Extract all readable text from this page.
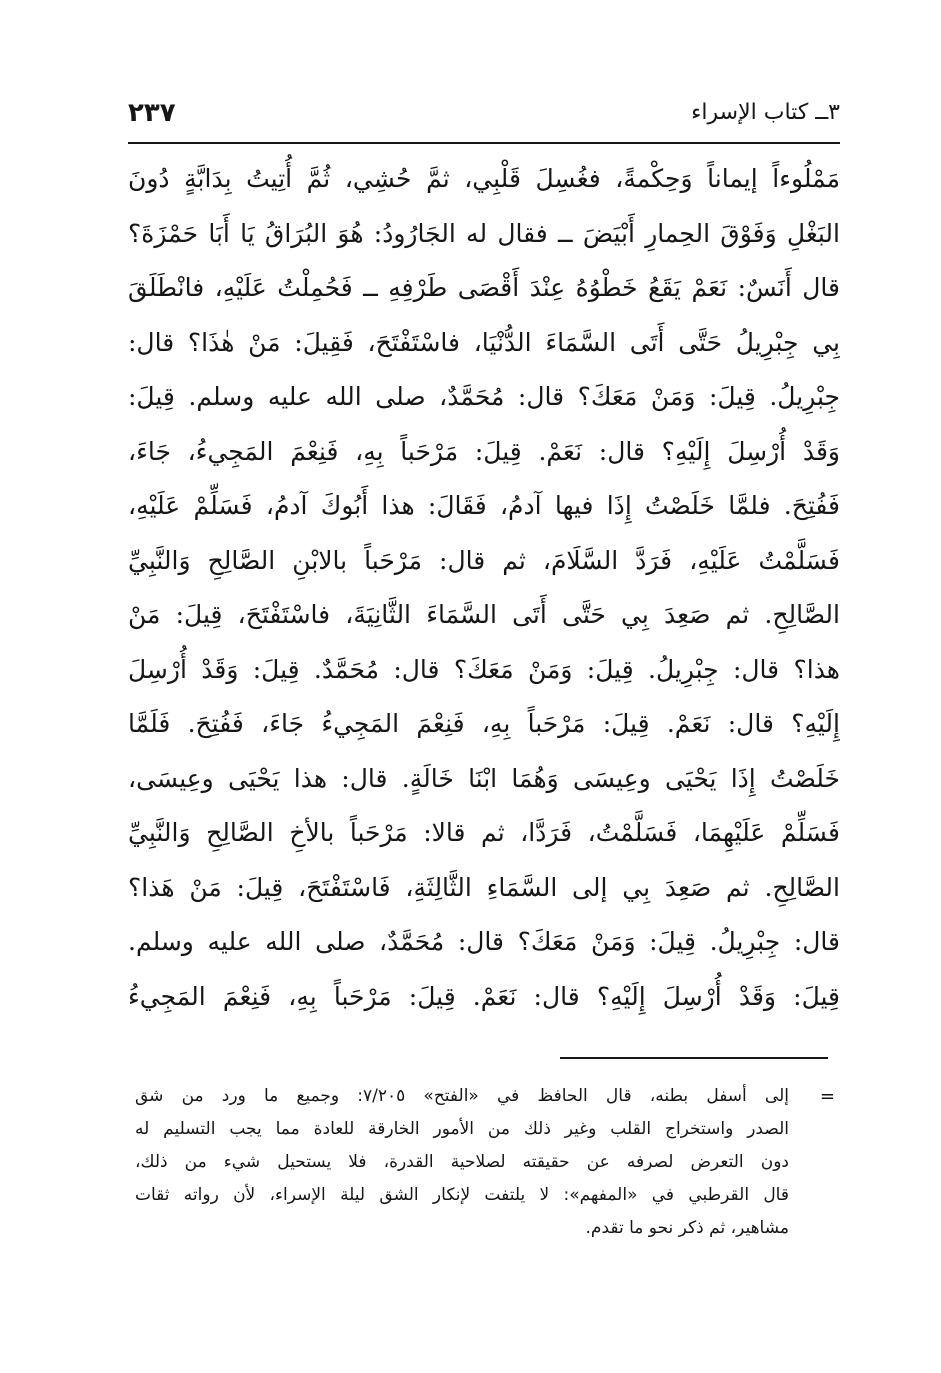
٣ــ كتاب الإسراء
٢٣٧
مَمْلُوءاً إيماناً وَحِكْمةً، فغُسِلَ قَلْبِي، ثمَّ حُشِي، ثُمَّ أُتِيتُ بِدَابَّةٍ دُونَ
البَغْلِ وَفَوْقَ الحِمارِ أَبْيَضَ ــ فقال له الجَارُودُ: هُوَ البُرَاقُ يَا أَبَا حَمْزَةَ؟
قال أَنَسٌ: نَعَمْ يَقَعُ خَطْوُهُ عِنْدَ أَقْصَى طَرْفِهِ ــ فَحُمِلْتُ عَلَيْهِ، فانْطَلَقَ
بِي جِبْرِيلُ حَتَّى أَتَى السَّمَاءَ الدُّنْيَا، فاسْتَفْتَحَ، فَقِيلَ: مَنْ هٰذَا؟ قال:
جِبْرِيلُ. قِيلَ: وَمَنْ مَعَكَ؟ قال: مُحَمَّدٌ، صلى الله عليه وسلم. قِيلَ:
وَقَدْ أُرْسِلَ إِلَيْهِ؟ قال: نَعَمْ. قِيلَ: مَرْحَباً بِهِ، فَنِعْمَ المَجِيءُ، جَاءَ،
فَفُتِحَ. فلمَّا خَلَصْتُ إِذَا فيها آدمُ، فَقَالَ: هذا أَبُوكَ آدمُ، فَسَلِّمْ عَلَيْهِ،
فَسَلَّمْتُ عَلَيْهِ، فَرَدَّ السَّلَامَ، ثم قال: مَرْحَباً بالابْنِ الصَّالِحِ وَالنَّبِيِّ
الصَّالِحِ. ثم صَعِدَ بِي حَتَّى أَتَى السَّمَاءَ الثَّانِيَةَ، فاسْتَفْتَحَ، قِيلَ: مَنْ
هذا؟ قال: جِبْرِيلُ. قِيلَ: وَمَنْ مَعَكَ؟ قال: مُحَمَّدٌ. قِيلَ: وَقَدْ أُرْسِلَ
إِلَيْهِ؟ قال: نَعَمْ. قِيلَ: مَرْحَباً بِهِ، فَنِعْمَ المَجِيءُ جَاءَ، فَفُتِحَ. فَلَمَّا
خَلَصْتُ إِذَا يَحْيَى وعِيسَى وَهُمَا ابْنَا خَالَةٍ. قال: هذا يَحْيَى وعِيسَى،
فَسَلِّمْ عَلَيْهِمَا، فَسَلَّمْتُ، فَرَدَّا، ثم قالا: مَرْحَباً بالأخِ الصَّالِحِ وَالنَّبِيِّ
الصَّالِحِ. ثم صَعِدَ بِي إلى السَّمَاءِ الثَّالِثَةِ، فَاسْتَفْتَحَ، قِيلَ: مَنْ هَذا؟
قال: جِبْرِيلُ. قِيلَ: وَمَنْ مَعَكَ؟ قال: مُحَمَّدٌ، صلى الله عليه وسلم.
قِيلَ: وَقَدْ أُرْسِلَ إِلَيْهِ؟ قال: نَعَمْ. قِيلَ: مَرْحَباً بِهِ، فَنِعْمَ المَجِيءُ
=
إلى أسفل بطنه، قال الحافظ في «الفتح» ٧/٢٠٥: وجميع ما ورد من شق
الصدر واستخراج القلب وغير ذلك من الأمور الخارقة للعادة مما يجب التسليم له
دون التعرض لصرفه عن حقيقته لصلاحية القدرة، فلا يستحيل شيء من ذلك،
قال القرطبي في «المفهم»: لا يلتفت لإنكار الشق ليلة الإسراء، لأن رواته ثقات
مشاهير، ثم ذكر نحو ما تقدم.
